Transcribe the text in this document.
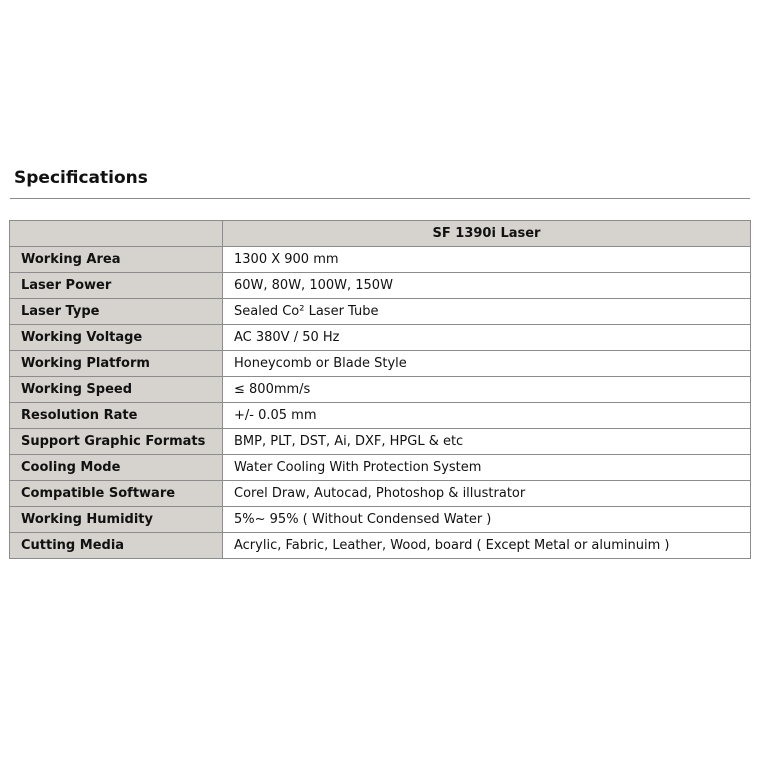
Specifications
	SF 1390i Laser
Working Area	1300 X 900 mm
Laser Power	60W, 80W, 100W, 150W
Laser Type	Sealed Co² Laser Tube
Working Voltage	AC 380V / 50 Hz
Working Platform	Honeycomb or Blade Style
Working Speed	≤ 800mm/s
Resolution Rate	+/- 0.05 mm
Support Graphic Formats	BMP, PLT, DST, Ai, DXF, HPGL & etc
Cooling Mode	Water Cooling With Protection System
Compatible Software	Corel Draw, Autocad, Photoshop & illustrator
Working Humidity	5%~ 95% ( Without Condensed Water )
Cutting Media	Acrylic, Fabric, Leather, Wood, board ( Except Metal or aluminuim )
